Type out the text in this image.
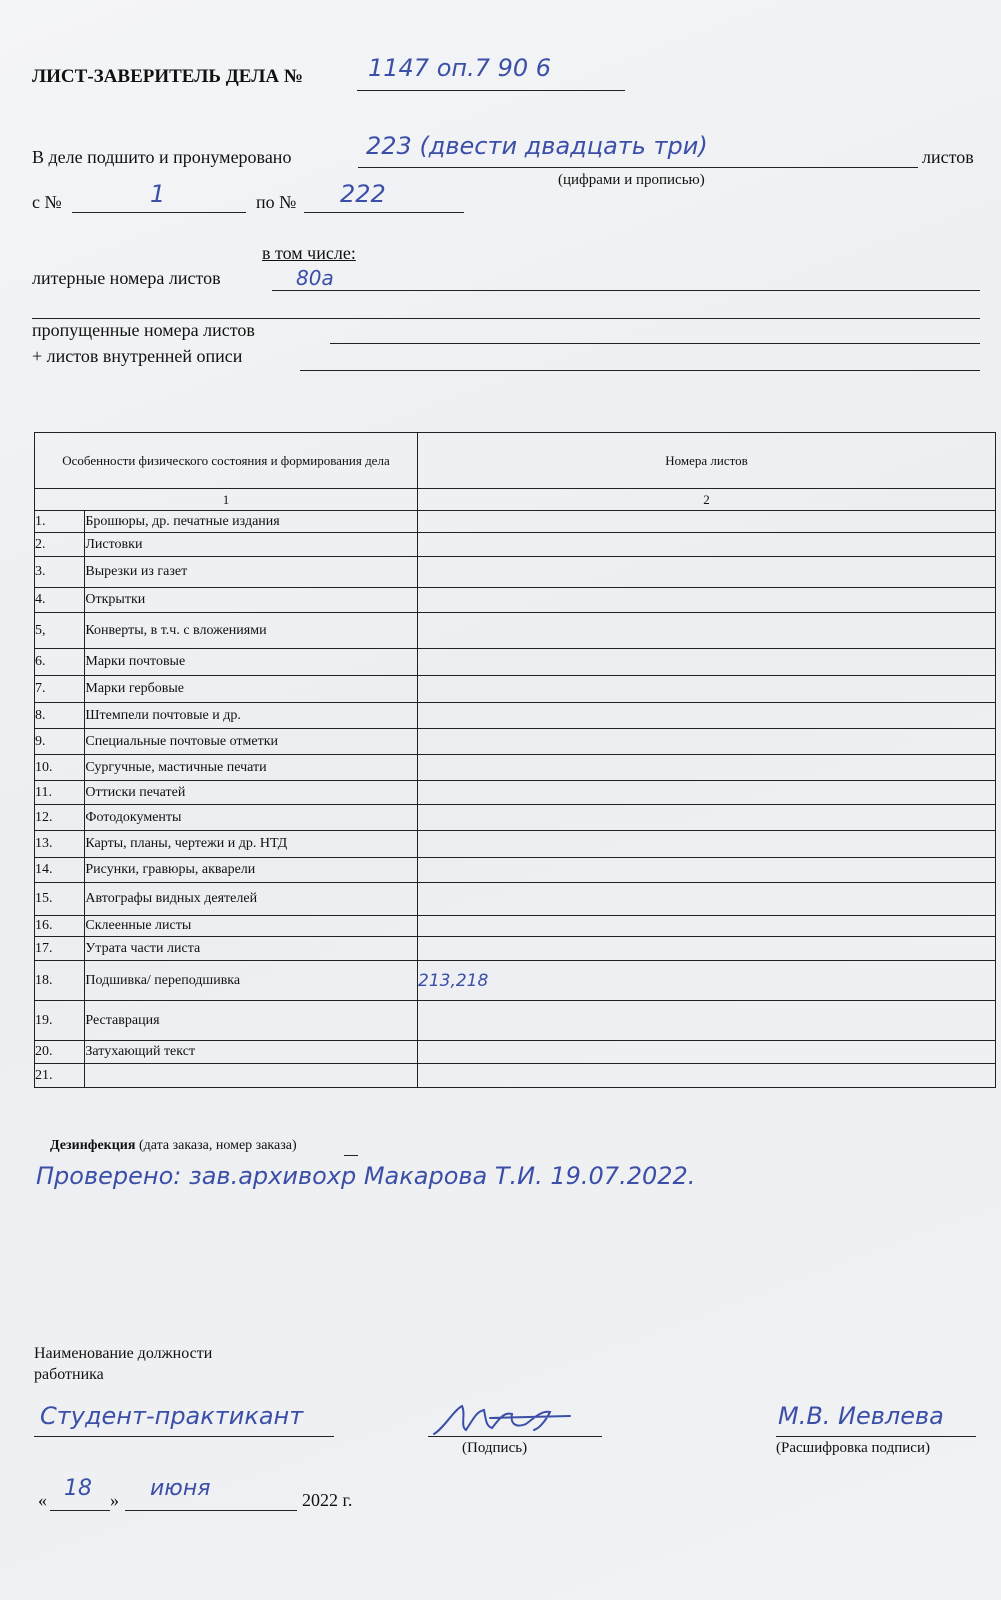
ЛИСТ-ЗАВЕРИТЕЛЬ ДЕЛА №	1147 оп.7 90 6
В деле подшито и пронумеровано	223 (двести двадцать три)	листов
(цифрами и прописью)
с №	1	по № 222
в том числе:
литерные номера листов	80а
пропущенные номера листов
+ листов внутренней описи
Особенности физического состояния и формирования дела		Номера листов
1		2
1.	Брошюры, др. печатные издания	
2.	Листовки	
3.	Вырезки из газет	
4.	Открытки	
5,	Конверты, в т.ч. с вложениями	
6.	Марки почтовые	
7.	Марки гербовые	
8.	Штемпели почтовые и др.	
9.	Специальные почтовые отметки	
10.	Сургучные, мастичные печати	
11.	Оттиски печатей	
12.	Фотодокументы	
13.	Карты, планы, чертежи и др. НТД	
14.	Рисунки, гравюры, акварели	
15.	Автографы видных деятелей	
16.	Склеенные листы	
17.	Утрата части листа	
18.	Подшивка/ переподшивка	213,218
19.	Реставрация	
20.	Затухающий текст	
21.		
Дезинфекция (дата заказа, номер заказа)
Проверено: зав.архивохр Макарова Т.И. 19.07.2022.
Наименование должности
работника
Студент-практикант
(Подпись)
М.В. Иевлева
(Расшифровка подписи)
« 18 » июня	2022 г.
